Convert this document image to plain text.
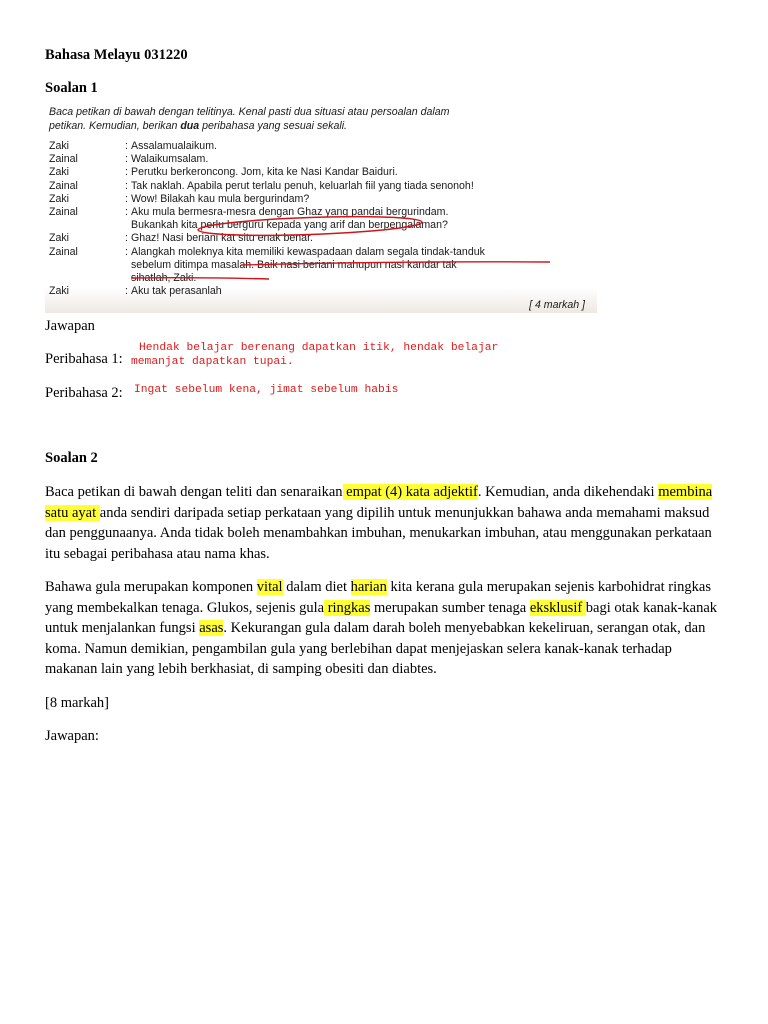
Bahasa Melayu 031220
Soalan 1
Baca petikan di bawah dengan telitinya. Kenal pasti dua situasi atau persoalan dalam
petikan. Kemudian, berikan dua peribahasa yang sesuai sekali.
Zaki	: Assalamualaikum.
Zainal	: Walaikumsalam.
Zaki	: Perutku berkeroncong. Jom, kita ke Nasi Kandar Baiduri.
Zainal	: Tak naklah. Apabila perut terlalu penuh, keluarlah fiil yang tiada senonoh!
Zaki	: Wow! Bilakah kau mula bergurindam?
Zainal	: Aku mula bermesra-mesra dengan Ghaz yang pandai bergurindam.
Bukankah kita perlu berguru kepada yang arif dan berpengalaman?
Zaki	: Ghaz! Nasi beriani kat situ enak benar.
Zainal	: Alangkah moleknya kita memiliki kewaspadaan dalam segala tindak-tanduk
sebelum ditimpa masalah. Baik nasi beriani mahupun nasi kandar tak
sihatlah, Zaki.
Zaki	: Aku tak perasanlah
[ 4 markah ]
Jawapan
Peribahasa 1:
Hendak belajar berenang dapatkan itik, hendak belajar
memanjat dapatkan tupai.
Peribahasa 2: Ingat sebelum kena, jimat sebelum habis
Soalan 2
Baca petikan di bawah dengan teliti dan senaraikan empat (4) kata adjektif. Kemudian, anda dikehendaki membina satu ayat anda sendiri daripada setiap perkataan yang dipilih untuk menunjukkan bahawa anda memahami maksud dan penggunaanya. Anda tidak boleh menambahkan imbuhan, menukarkan imbuhan, atau menggunakan perkataan itu sebagai peribahasa atau nama khas.
Bahawa gula merupakan komponen vital dalam diet harian kita kerana gula merupakan sejenis karbohidrat ringkas yang membekalkan tenaga. Glukos, sejenis gula ringkas merupakan sumber tenaga eksklusif bagi otak kanak-kanak untuk menjalankan fungsi asas. Kekurangan gula dalam darah boleh menyebabkan kekeliruan, serangan otak, dan koma. Namun demikian, pengambilan gula yang berlebihan dapat menjejaskan selera kanak-kanak terhadap makanan lain yang lebih berkhasiat, di samping obesiti dan diabtes.
[8 markah]
Jawapan:
